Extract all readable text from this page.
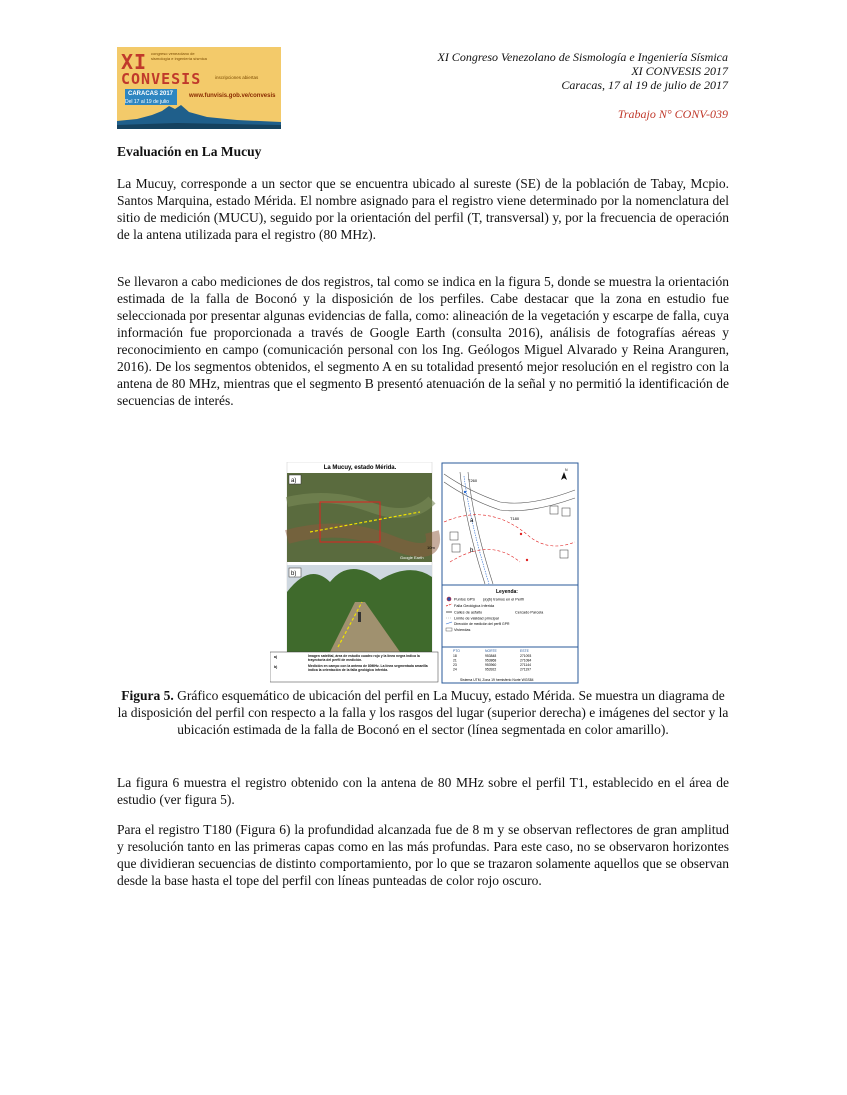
XI congreso venezolano de sismología e ingeniería sísmica
CONVESIS	inscripciones abiertas
www.funvisis.gob.ve/convesis
CARACAS 2017
Del 17 al 19 de julio
XI Congreso Venezolano de Sismología e Ingeniería Sísmica
XI CONVESIS 2017
Caracas, 17 al 19 de julio de 2017
Trabajo N° CONV-039
Evaluación en La Mucuy
La Mucuy, corresponde a un sector que se encuentra ubicado al sureste (SE) de la población de Tabay, Mcpio. Santos Marquina, estado Mérida. El nombre asignado para el registro viene determinado por la nomenclatura del sitio de medición (MUCU), seguido por la orientación del perfil (T, transversal) y, por la frecuencia de operación de la antena utilizada para el registro (80 MHz).
Se llevaron a cabo mediciones de dos registros, tal como se indica en la figura 5, donde se muestra la orientación estimada de la falla de Boconó y la disposición de los perfiles. Cabe destacar que la zona en estudio fue seleccionada por presentar algunas evidencias de falla, como: alineación de la vegetación y escarpe de falla, cuya información fue proporcionada a través de Google Earth (consulta 2016), análisis de fotografías aéreas y reconocimiento en campo (comunicación personal con los Ing. Geólogos Miguel Alvarado y Reina Aranguren, 2016). De los segmentos obtenidos, el segmento A en su totalidad presentó mejor resolución en el registro con la antena de 80 MHz, mientras que el segmento B presentó atenuación de la señal y no permitió la identificación de secuencias de interés.
La Mucuy, estado Mérida.
a)
Google Earth
b)
10m
a)	Imagen satelital, área de estudio cuadro rojo y la línea negra indica la trayectoria del perfil de medición.
b)	Medición en campo con la antena de 80MHz. La línea segmentada amarilla indica la orientación de la falla geológica inferida.
T260
T180
a
b
N
Leyenda:
Puntos GPS (a)(b) tramos en el Perfil
Falla Geológica Inferida
Calles de asfalto	Cercado Parcela
Límite de vialidad principal
Dirección de medición del perfil GPR
Viviendas
PTO	NORTE	ESTE
18	953848	271093
21	953868	271084
23	953960	271144
24	953922	271197
Sistema UTM, Zona 19 hemisferio Norte WGS84
Figura 5. Gráfico esquemático de ubicación del perfil en La Mucuy, estado Mérida. Se muestra un diagrama de la disposición del perfil con respecto a la falla y los rasgos del lugar (superior derecha) e imágenes del sector y la ubicación estimada de la falla de Boconó en el sector (línea segmentada en color amarillo).
La figura 6 muestra el registro obtenido con la antena de 80 MHz sobre el perfil T1, establecido en el área de estudio (ver figura 5).
Para el registro T180 (Figura 6) la profundidad alcanzada fue de 8 m y se observan reflectores de gran amplitud y resolución tanto en las primeras capas como en las más profundas. Para este caso, no se observaron horizontes que dividieran secuencias de distinto comportamiento, por lo que se trazaron solamente aquellos que se observan desde la base hasta el tope del perfil con líneas punteadas de color rojo oscuro.
